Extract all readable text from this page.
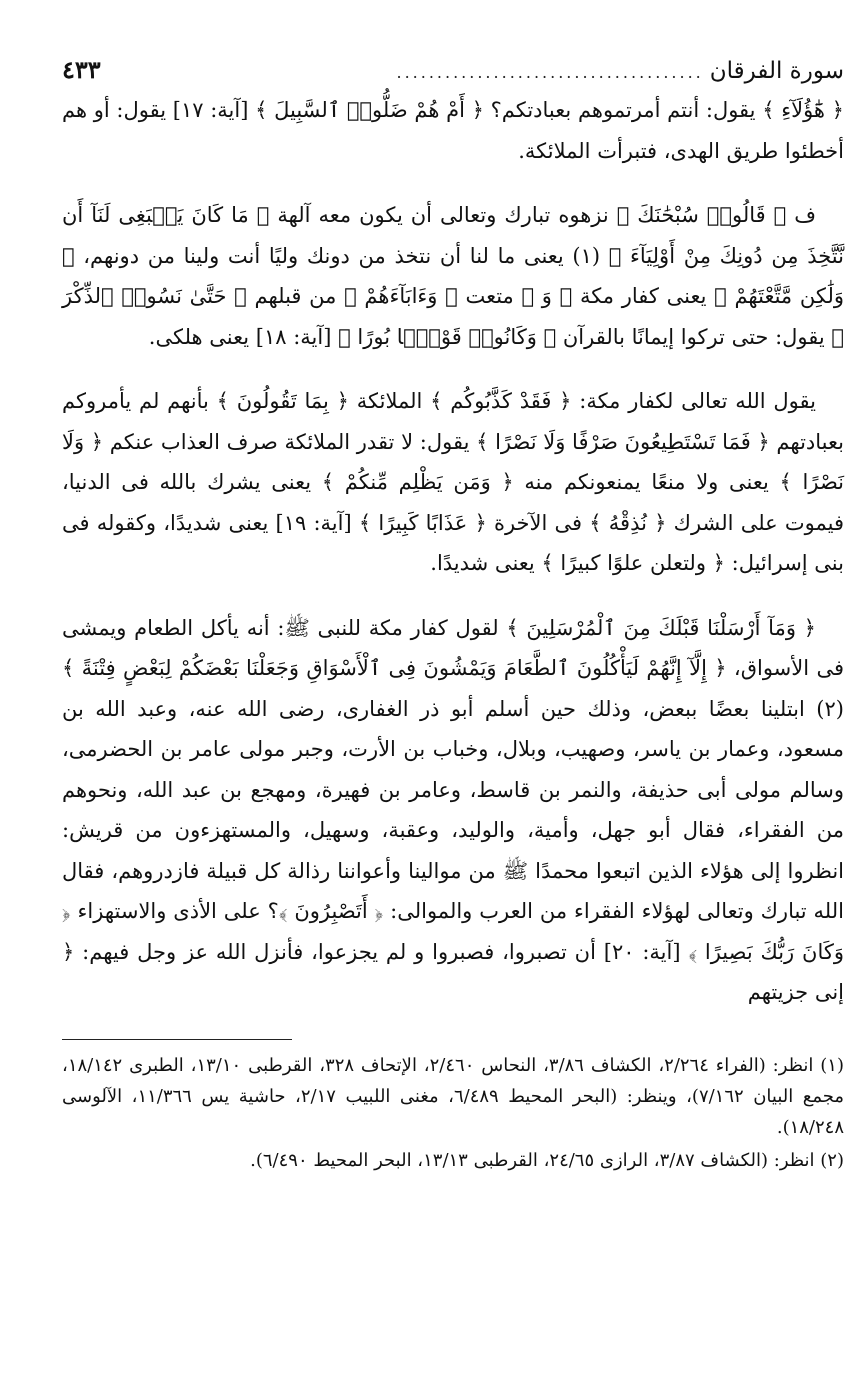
سورة الفرقان
......................................
٤٣٣

﴿ هَٰٓؤُلَآءِ ﴾ يقول: أنتم أمرتموهم بعبادتكم؟ ﴿ أَمْ هُمْ ضَلُّوا۟ ٱلسَّبِيلَ ﴾ [آية: ١٧] يقول: أو هم أخطئوا طريق الهدى، فتبرأت الملائكة.

ف ﴿ قَالُوا۟ سُبْحَٰنَكَ ﴾ نزهوه تبارك وتعالى أن يكون معه آلهة ﴿ مَا كَانَ يَنۢبَغِى لَنَآ أَن نَّتَّخِذَ مِن دُونِكَ مِنْ أَوْلِيَآءَ ﴾ (١) يعنى ما لنا أن نتخذ من دونك وليًا أنت ولينا من دونهم، ﴿ وَلَٰكِن مَّتَّعْتَهُمْ ﴾ يعنى كفار مكة ﴿ وَ ﴾ متعت ﴿ وَءَابَآءَهُمْ ﴾ من قبلهم ﴿ حَتَّىٰ نَسُوا۟ ٱلذِّكْرَ ﴾ يقول: حتى تركوا إيمانًا بالقرآن ﴿ وَكَانُوا۟ قَوْمًۢا بُورًا ﴾ [آية: ١٨] يعنى هلكى.

يقول الله تعالى لكفار مكة: ﴿ فَقَدْ كَذَّبُوكُم ﴾ الملائكة ﴿ بِمَا تَقُولُونَ ﴾ بأنهم لم يأمروكم بعبادتهم ﴿ فَمَا تَسْتَطِيعُونَ صَرْفًا وَلَا نَصْرًا ﴾ يقول: لا تقدر الملائكة صرف العذاب عنكم ﴿ وَلَا نَصْرًا ﴾ يعنى ولا منعًا يمنعونكم منه ﴿ وَمَن يَظْلِم مِّنكُمْ ﴾ يعنى يشرك بالله فى الدنيا، فيموت على الشرك ﴿ نُذِقْهُ ﴾ فى الآخرة ﴿ عَذَابًا كَبِيرًا ﴾ [آية: ١٩] يعنى شديدًا، وكقوله فى بنى إسرائيل: ﴿ ولتعلن علوًا كبيرًا ﴾ يعنى شديدًا.

﴿ وَمَآ أَرْسَلْنَا قَبْلَكَ مِنَ ٱلْمُرْسَلِينَ ﴾ لقول كفار مكة للنبى ﷺ: أنه يأكل الطعام ويمشى فى الأسواق، ﴿ إِلَّآ إِنَّهُمْ لَيَأْكُلُونَ ٱلطَّعَامَ وَيَمْشُونَ فِى ٱلْأَسْوَاقِ وَجَعَلْنَا بَعْضَكُمْ لِبَعْضٍ فِتْنَةً ﴾ (٢) ابتلينا بعضًا ببعض، وذلك حين أسلم أبو ذر الغفارى، رضى الله عنه، وعبد الله بن مسعود، وعمار بن ياسر، وصهيب، وبلال، وخباب بن الأرت، وجبر مولى عامر بن الحضرمى، وسالم مولى أبى حذيفة، والنمر بن قاسط، وعامر بن فهيرة، ومهجع بن عبد الله، ونحوهم من الفقراء، فقال أبو جهل، وأمية، والوليد، وعقبة، وسهيل، والمستهزءون من قريش: انظروا إلى هؤلاء الذين اتبعوا محمدًا ﷺ من موالينا وأعواننا رذالة كل قبيلة فازدروهم، فقال الله تبارك وتعالى لهؤلاء الفقراء من العرب والموالى: ﴿ أَتَصْبِرُونَ ﴾؟ على الأذى والاستهزاء ﴿ وَكَانَ رَبُّكَ بَصِيرًا ﴾ [آية: ٢٠] أن تصبروا، فصبروا و لم يجزعوا، فأنزل الله عز وجل فيهم: ﴿ إنى جزيتهم

(١) انظر: (الفراء ٢/٢٦٤، الكشاف ٣/٨٦، النحاس ٢/٤٦٠، الإتحاف ٣٢٨، القرطبى ١٣/١٠، الطبرى ١٨/١٤٢، مجمع البيان ٧/١٦٢)، وينظر: (البحر المحيط ٦/٤٨٩، مغنى اللبيب ٢/١٧، حاشية يس ١١/٣٦٦، الآلوسى ١٨/٢٤٨).

(٢) انظر: (الكشاف ٣/٨٧، الرازى ٢٤/٦٥، القرطبى ١٣/١٣، البحر المحيط ٦/٤٩٠).
